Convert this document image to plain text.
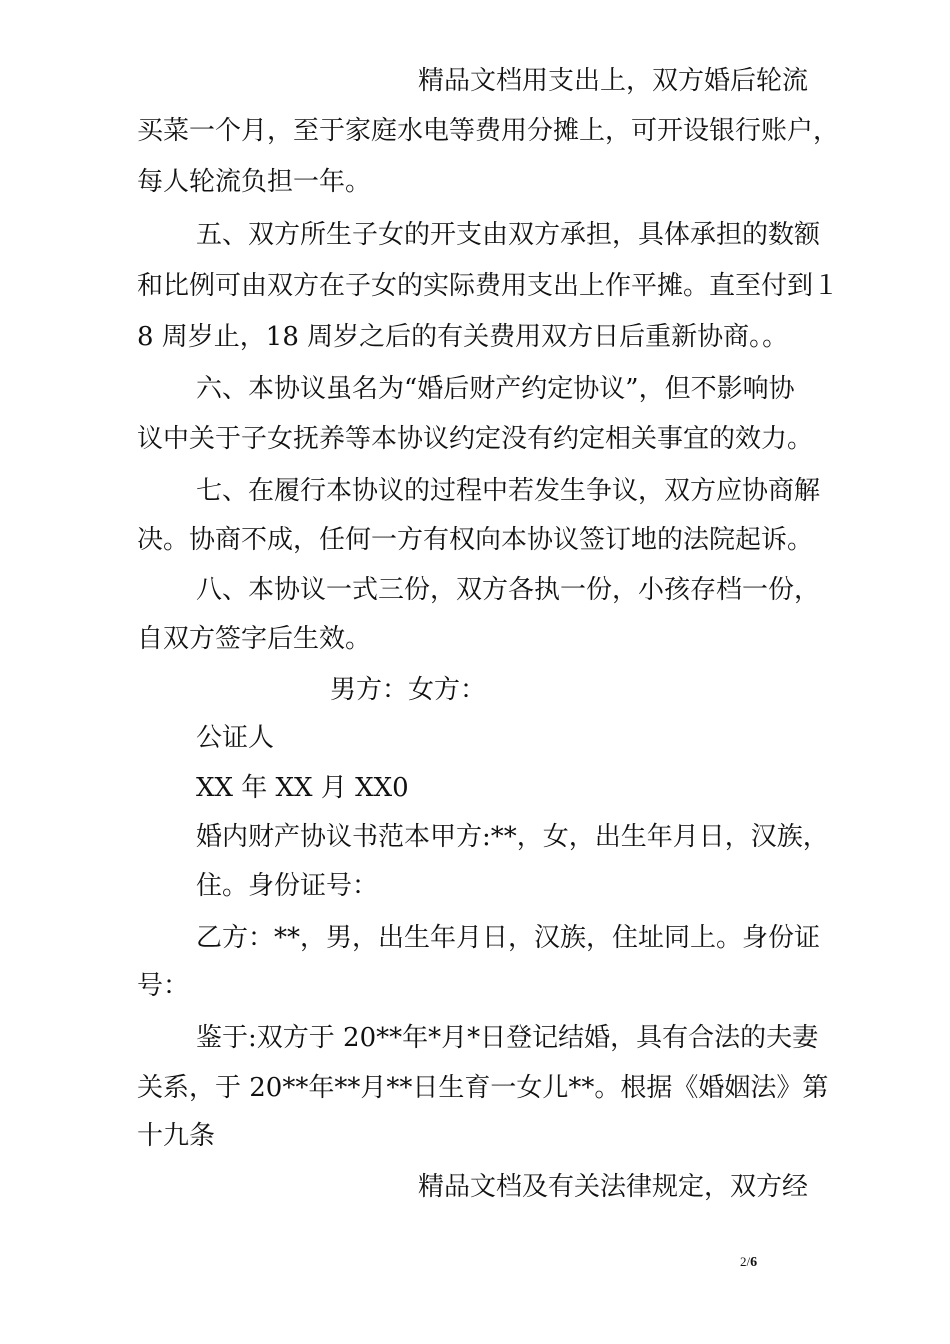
精品文档用支出上，双方婚后轮流
买菜一个月，至于家庭水电等费用分摊上，可开设银行账户，
每人轮流负担一年。
五、双方所生子女的开支由双方承担，具体承担的数额
和比例可由双方在子女的实际费用支出上作平摊。直至付到１
8 周岁止，18 周岁之后的有关费用双方日后重新协商。。
六、本协议虽名为“婚后财产约定协议”，但不影响协
议中关于子女抚养等本协议约定没有约定相关事宜的效力。
七、在履行本协议的过程中若发生争议，双方应协商解
决。协商不成，任何一方有权向本协议签订地的法院起诉。
八、本协议一式三份，双方各执一份，小孩存档一份，
自双方签字后生效。
男方：女方：
公证人
XX 年 XX 月 XX0
婚内财产协议书范本甲方:**，女，出生年月日，汉族，
住。身份证号：
乙方：**，男，出生年月日，汉族，住址同上。身份证
号：
鉴于:双方于 20**年*月*日登记结婚，具有合法的夫妻
关系，于 20**年**月**日生育一女儿**。根据《婚姻法》第
十九条
精品文档及有关法律规定，双方经
2/6
